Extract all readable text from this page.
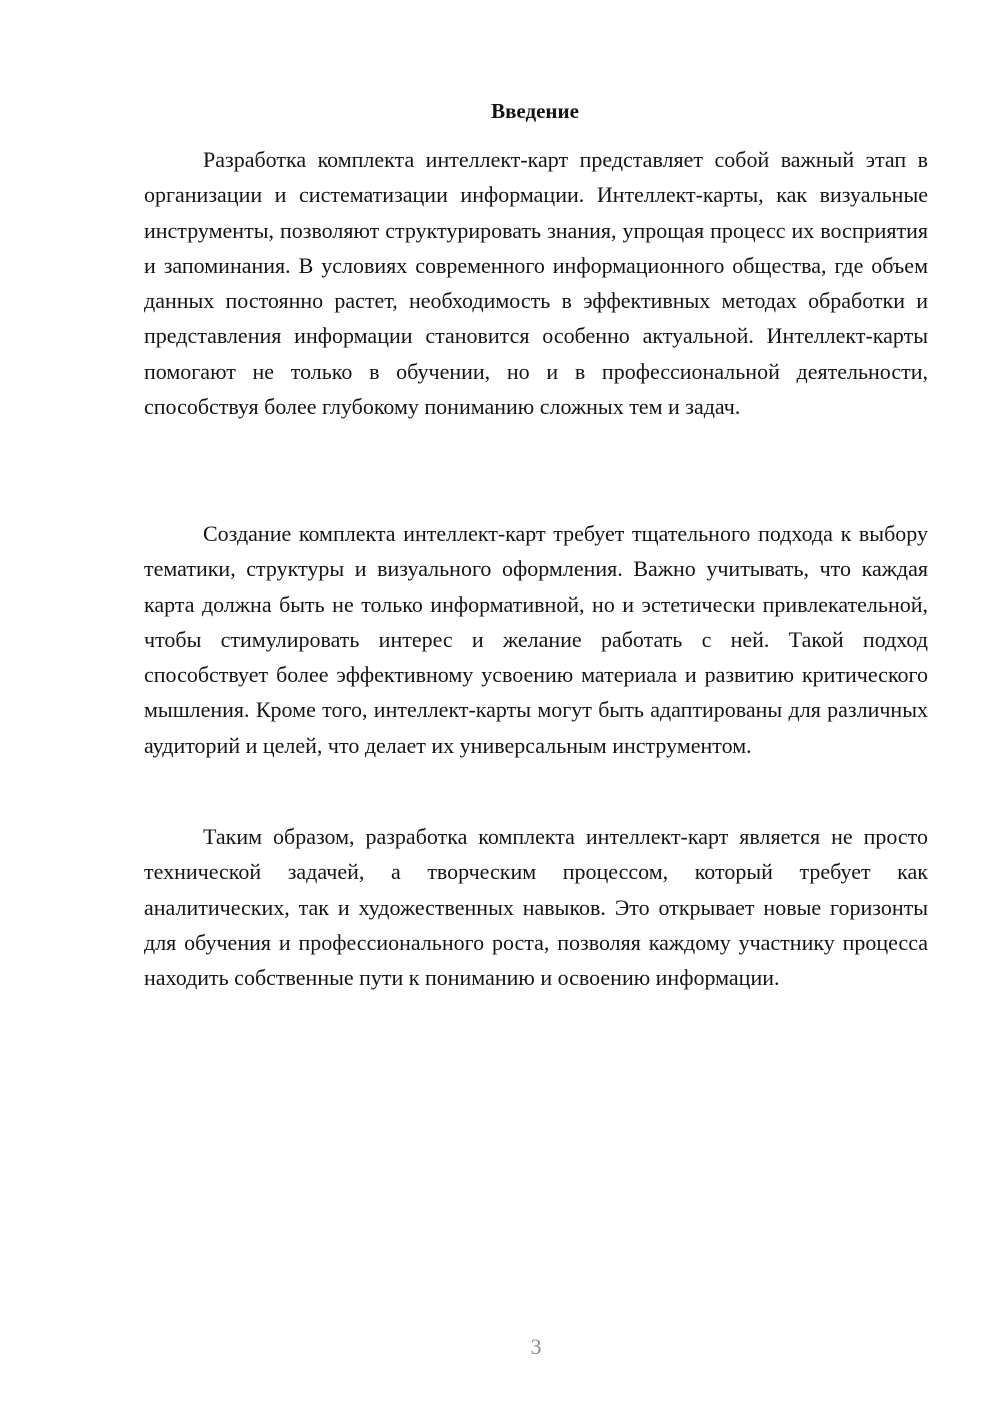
Введение

Разработка комплекта интеллект-карт представляет собой важный этап в организации и систематизации информации. Интеллект-карты, как визуальные инструменты, позволяют структурировать знания, упрощая процесс их восприятия и запоминания. В условиях современного информационного общества, где объем данных постоянно растет, необходимость в эффективных методах обработки и представления информации становится особенно актуальной. Интеллект-карты помогают не только в обучении, но и в профессиональной деятельности, способствуя более глубокому пониманию сложных тем и задач.

Создание комплекта интеллект-карт требует тщательного подхода к выбору тематики, структуры и визуального оформления. Важно учитывать, что каждая карта должна быть не только информативной, но и эстетически привлекательной, чтобы стимулировать интерес и желание работать с ней. Такой подход способствует более эффективному усвоению материала и развитию критического мышления. Кроме того, интеллект-карты могут быть адаптированы для различных аудиторий и целей, что делает их универсальным инструментом.

Таким образом, разработка комплекта интеллект-карт является не просто технической задачей, а творческим процессом, который требует как аналитических, так и художественных навыков. Это открывает новые горизонты для обучения и профессионального роста, позволяя каждому участнику процесса находить собственные пути к пониманию и освоению информации.

3
